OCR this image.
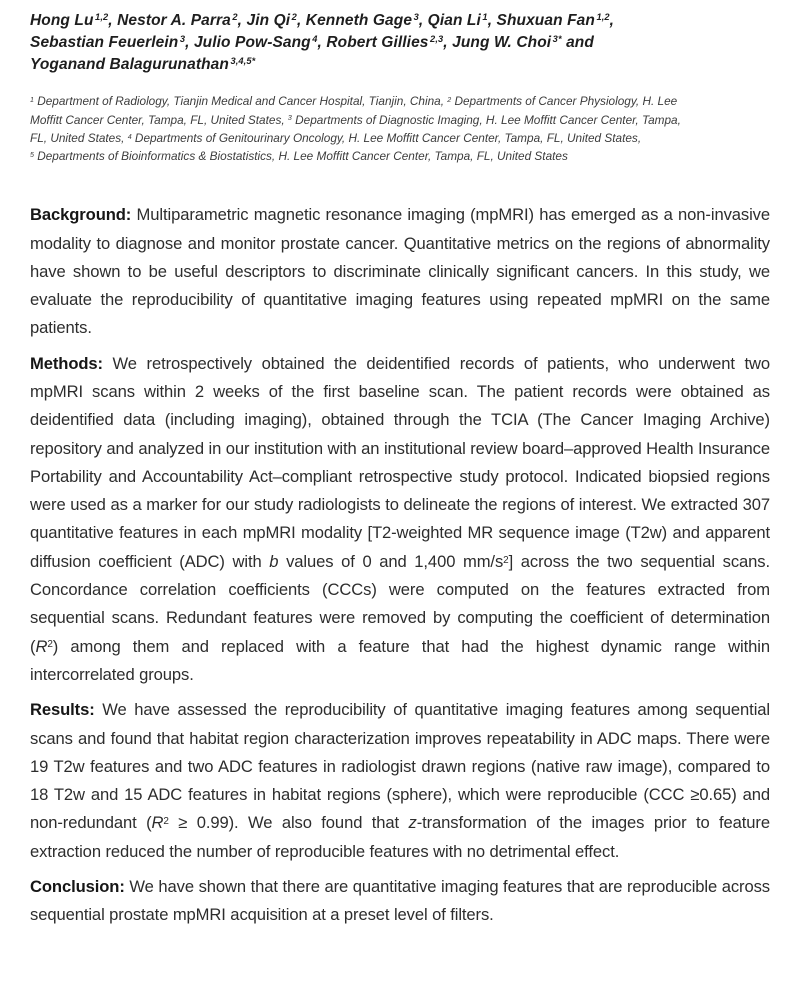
Hong Lu $^{1,2}$, Nestor A. Parra $^2$, Jin Qi $^2$, Kenneth Gage $^3$, Qian Li $^1$, Shuxuan Fan $^{1,2}$,
Sebastian Feuerlein $^3$, Julio Pow-Sang $^4$, Robert Gillies $^{2,3}$, Jung W. Choi $^{3*}$ and
Yoganand Balagurunathan $^{3,4,5*}$

$^1$ Department of Radiology, Tianjin Medical and Cancer Hospital, Tianjin, China, $^2$ Departments of Cancer Physiology, H. Lee
Moffitt Cancer Center, Tampa, FL, United States, $^3$ Departments of Diagnostic Imaging, H. Lee Moffitt Cancer Center, Tampa,
FL, United States, $^4$ Departments of Genitourinary Oncology, H. Lee Moffitt Cancer Center, Tampa, FL, United States,
$^5$ Departments of Bioinformatics & Biostatistics, H. Lee Moffitt Cancer Center, Tampa, FL, United States

Background: Multiparametric magnetic resonance imaging (mpMRI) has emerged as a non-invasive modality to diagnose and monitor prostate cancer. Quantitative metrics on the regions of abnormality have shown to be useful descriptors to discriminate clinically significant cancers. In this study, we evaluate the reproducibility of quantitative imaging features using repeated mpMRI on the same patients.

Methods: We retrospectively obtained the deidentified records of patients, who underwent two mpMRI scans within 2 weeks of the first baseline scan. The patient records were obtained as deidentified data (including imaging), obtained through the TCIA (The Cancer Imaging Archive) repository and analyzed in our institution with an institutional review board–approved Health Insurance Portability and Accountability Act–compliant retrospective study protocol. Indicated biopsied regions were used as a marker for our study radiologists to delineate the regions of interest. We extracted 307 quantitative features in each mpMRI modality [T2-weighted MR sequence image (T2w) and apparent diffusion coefficient (ADC) with b values of 0 and 1,400 $mm/s^2$] across the two sequential scans. Concordance correlation coefficients (CCCs) were computed on the features extracted from sequential scans. Redundant features were removed by computing the coefficient of determination $(R^2)$ among them and replaced with a feature that had the highest dynamic range within intercorrelated groups.

Results: We have assessed the reproducibility of quantitative imaging features among sequential scans and found that habitat region characterization improves repeatability in ADC maps. There were 19 T2w features and two ADC features in radiologist drawn regions (native raw image), compared to 18 T2w and 15 ADC features in habitat regions (sphere), which were reproducible (CCC ≥0.65) and non-redundant $(R^2 \ge 0.99)$. We also found that z-transformation of the images prior to feature extraction reduced the number of reproducible features with no detrimental effect.

Conclusion: We have shown that there are quantitative imaging features that are reproducible across sequential prostate mpMRI acquisition at a preset level of filters.
